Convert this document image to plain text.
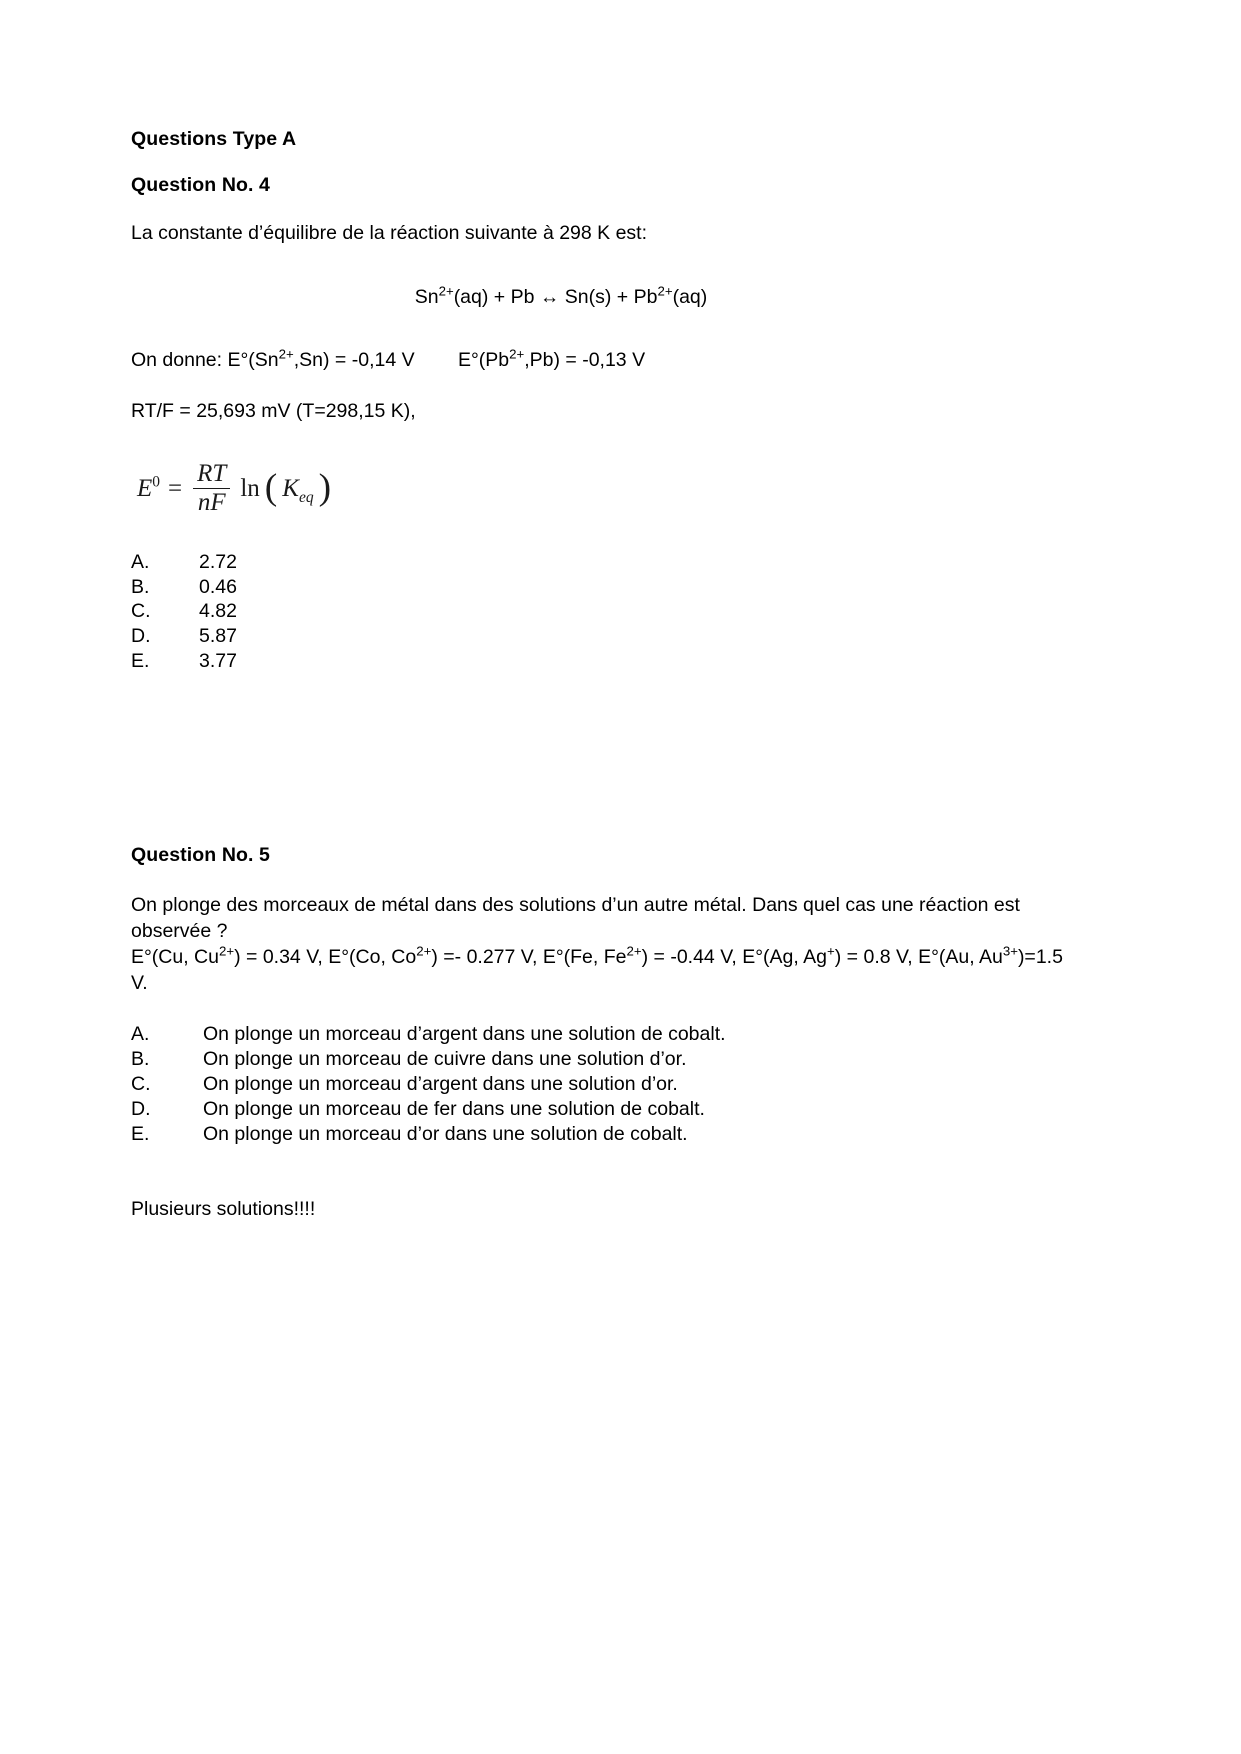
Questions Type A
Question No. 4
La constante d’équilibre de la réaction suivante à 298 K est:
$Sn^{2+}(aq) + Pb$ ↔ $Sn(s) + Pb^{2+}(aq)$
On donne: $E^\circ(Sn^{2+},Sn) = -0,14$ V $E^\circ(Pb^{2+},Pb) = -0,13$ V
RT/F = 25,693 mV (T=298,15 K),
$E^0 = \frac{RT}{nF}$ ln ( $K_{eq}$ )
A.	2.72
B.	0.46
C.	4.82
D.	5.87
E.	3.77
Question No. 5
On plonge des morceaux de métal dans des solutions d’un autre métal. Dans quel cas une réaction est
observée ?
E°(Cu, $Cu^{2+}) = 0.34$ V, E°(Co, $Co^{2+}) =- 0.277$ V, E°(Fe, $Fe^{2+}) = -0.44$ V, E°(Ag, Ag+) = 0.8 V, E°(Au, $Au^{3+})=1.5$
V.
A.	On plonge un morceau d’argent dans une solution de cobalt.
B.	On plonge un morceau de cuivre dans une solution d’or.
C.	On plonge un morceau d’argent dans une solution d’or.
D.	On plonge un morceau de fer dans une solution de cobalt.
E.	On plonge un morceau d’or dans une solution de cobalt.
Plusieurs solutions!!!!
